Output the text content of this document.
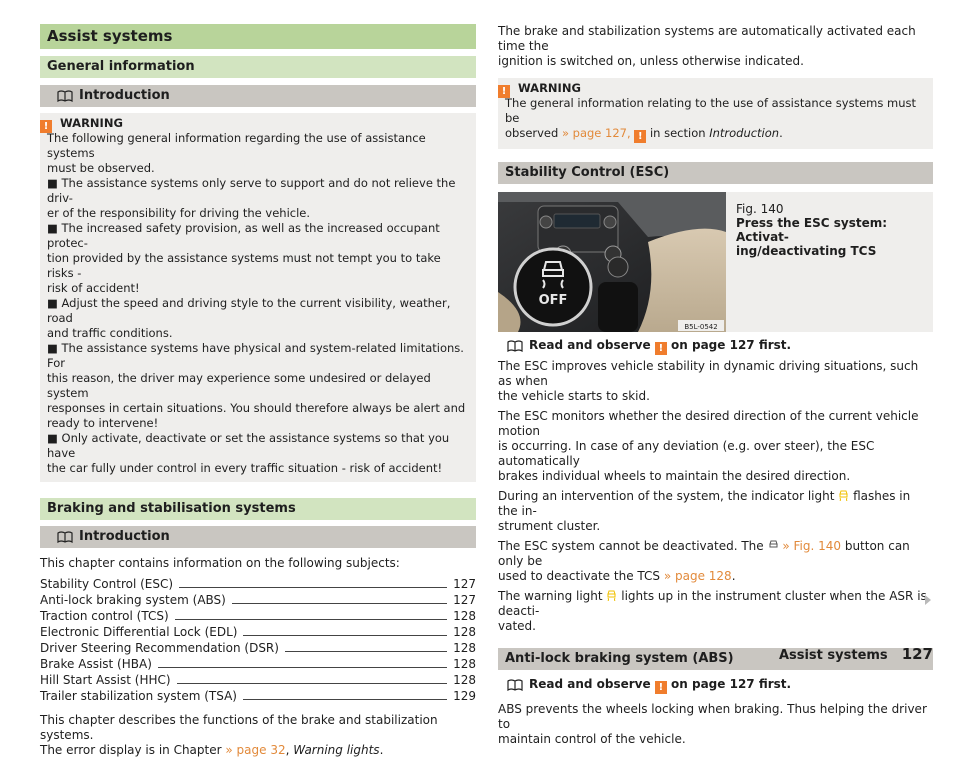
Assist systems
General information
Introduction
! WARNING
The following general information regarding the use of assistance systems
must be observed.
■ The assistance systems only serve to support and do not relieve the driv-
er of the responsibility for driving the vehicle.
■ The increased safety provision, as well as the increased occupant protec-
tion provided by the assistance systems must not tempt you to take risks -
risk of accident!
■ Adjust the speed and driving style to the current visibility, weather, road
and traffic conditions.
■ The assistance systems have physical and system-related limitations. For
this reason, the driver may experience some undesired or delayed system
responses in certain situations. You should therefore always be alert and
ready to intervene!
■ Only activate, deactivate or set the assistance systems so that you have
the car fully under control in every traffic situation - risk of accident!
Braking and stabilisation systems
Introduction

This chapter contains information on the following subjects:

Stability Control (ESC)	127
Anti-lock braking system (ABS)	127
Traction control (TCS)	128
Electronic Differential Lock (EDL)	128
Driver Steering Recommendation (DSR)	128
Brake Assist (HBA)	128
Hill Start Assist (HHC)	128
Trailer stabilization system (TSA)	129

This chapter describes the functions of the brake and stabilization systems.

The error display is in Chapter » page 32, Warning lights.

The brake and stabilization systems are automatically activated each time the

ignition is switched on, unless otherwise indicated.

! WARNING
The general information relating to the use of assistance systems must be
observed » page 127, ! in section Introduction.
Stability Control (ESC)
OFF
B5L-0542
Fig. 140
Press the ESC system: Activat-
ing/deactivating TCS
Read and observe ! on page 127 first.

The ESC improves vehicle stability in dynamic driving situations, such as when

the vehicle starts to skid.

The ESC monitors whether the desired direction of the current vehicle motion

is occurring. In case of any deviation (e.g. over steer), the ESC automatically

brakes individual wheels to maintain the desired direction.

During an intervention of the system, the indicator light flashes in the in-

strument cluster.

The ESC system cannot be deactivated. The » Fig. 140 button can only be

used to deactivate the TCS » page 128.

The warning light lights up in the instrument cluster when the ASR is deacti-

vated.

Anti-lock braking system (ABS)
Read and observe ! on page 127 first.

ABS prevents the wheels locking when braking. Thus helping the driver to

maintain control of the vehicle.

Assist systems 127
